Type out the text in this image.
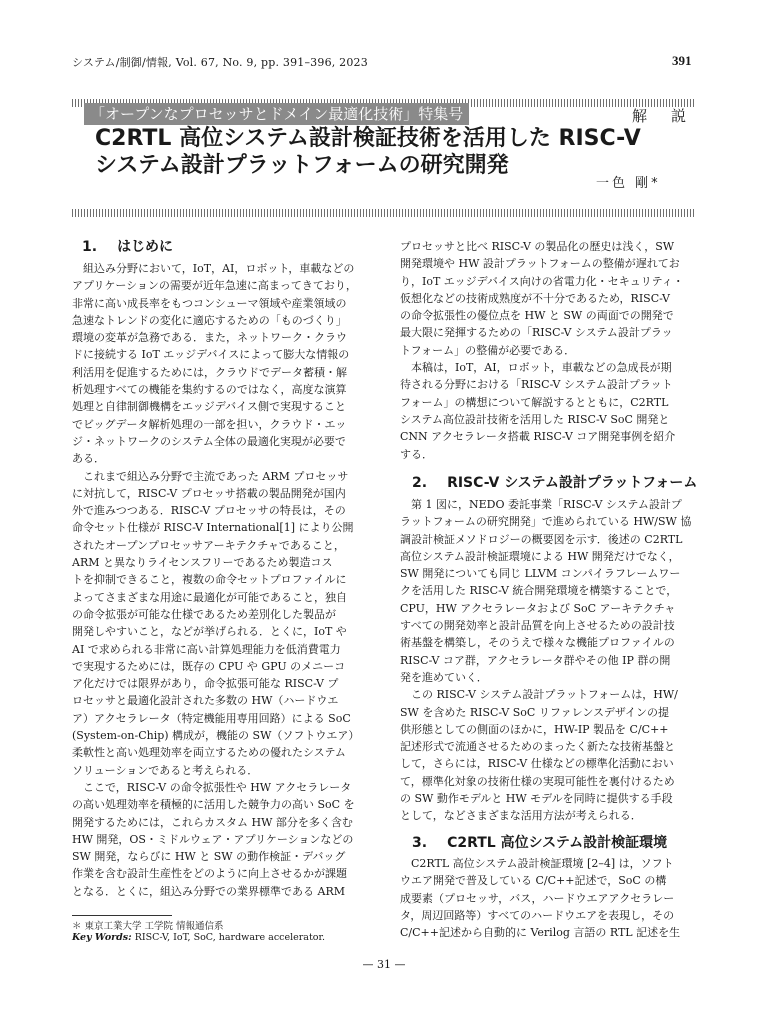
システム/制御/情報, Vol. 67, No. 9, pp. 391–396, 2023	391
「オープンなプロセッサとドメイン最適化技術」特集号	解説
C2RTL 高位システム設計検証技術を活用した RISC-V
システム設計プラットフォームの研究開発
一色 剛*
1. はじめに
組込み分野において，IoT，AI，ロボット，車載などの
アプリケーションの需要が近年急速に高まってきており，
非常に高い成長率をもつコンシューマ領域や産業領域の
急速なトレンドの変化に適応するための「ものづくり」
環境の変革が急務である．また，ネットワーク・クラウ
ドに接続する IoT エッジデバイスによって膨大な情報の
利活用を促進するためには，クラウドでデータ蓄積・解
析処理すべての機能を集約するのではなく，高度な演算
処理と自律制御機構をエッジデバイス側で実現すること
でビッグデータ解析処理の一部を担い，クラウド・エッ
ジ・ネットワークのシステム全体の最適化実現が必要で
ある．
これまで組込み分野で主流であった ARM プロセッサ
に対抗して，RISC-V プロセッサ搭載の製品開発が国内
外で進みつつある．RISC-V プロセッサの特長は，その
命令セット仕様が RISC-V International[1] により公開
されたオープンプロセッサアーキテクチャであること，
ARM と異なりライセンスフリーであるため製造コス
トを抑制できること，複数の命令セットプロファイルに
よってさまざまな用途に最適化が可能であること，独自
の命令拡張が可能な仕様であるため差別化した製品が
開発しやすいこと，などが挙げられる．とくに，IoT や
AI で求められる非常に高い計算処理能力を低消費電力
で実現するためには，既存の CPU や GPU のメニーコ
ア化だけでは限界があり，命令拡張可能な RISC-V プ
ロセッサと最適化設計された多数の HW（ハードウエ
ア）アクセラレータ（特定機能用専用回路）による SoC
(System-on-Chip) 構成が，機能の SW（ソフトウエア）
柔軟性と高い処理効率を両立するための優れたシステム
ソリューションであると考えられる．
ここで，RISC-V の命令拡張性や HW アクセラレータ
の高い処理効率を積極的に活用した競争力の高い SoC を
開発するためには，これらカスタム HW 部分を多く含む
HW 開発，OS・ミドルウェア・アプリケーションなどの
SW 開発，ならびに HW と SW の動作検証・デバッグ
作業を含む設計生産性をどのように向上させるかが課題
となる．とくに，組込み分野での業界標準である ARM
プロセッサと比べ RISC-V の製品化の歴史は浅く，SW
開発環境や HW 設計プラットフォームの整備が遅れてお
り，IoT エッジデバイス向けの省電力化・セキュリティ・
仮想化などの技術成熟度が不十分であるため，RISC-V
の命令拡張性の優位点を HW と SW の両面での開発で
最大限に発揮するための「RISC-V システム設計プラッ
トフォーム」の整備が必要である．
本稿は，IoT，AI，ロボット，車載などの急成長が期
待される分野における「RISC-V システム設計プラット
フォーム」の構想について解説するとともに，C2RTL
システム高位設計技術を活用した RISC-V SoC 開発と
CNN アクセラレータ搭載 RISC-V コア開発事例を紹介
する．
2. RISC-V システム設計プラットフォーム
第 1 図に，NEDO 委託事業「RISC-V システム設計プ
ラットフォームの研究開発」で進められている HW/SW 協
調設計検証メソドロジーの概要図を示す．後述の C2RTL
高位システム設計検証環境による HW 開発だけでなく，
SW 開発についても同じ LLVM コンパイラフレームワー
クを活用した RISC-V 統合開発環境を構築することで，
CPU，HW アクセラレータおよび SoC アーキテクチャ
すべての開発効率と設計品質を向上させるための設計技
術基盤を構築し，そのうえで様々な機能プロファイルの
RISC-V コア群，アクセラレータ群やその他 IP 群の開
発を進めていく．
この RISC-V システム設計プラットフォームは，HW/
SW を含めた RISC-V SoC リファレンスデザインの提
供形態としての側面のほかに，HW-IP 製品を C/C++
記述形式で流通させるためのまったく新たな技術基盤と
して，さらには，RISC-V 仕様などの標準化活動におい
て，標準化対象の技術仕様の実現可能性を裏付けるため
の SW 動作モデルと HW モデルを同時に提供する手段
として，などさまざまな活用方法が考えられる．
3. C2RTL 高位システム設計検証環境
C2RTL 高位システム設計検証環境 [2–4] は，ソフト
ウエア開発で普及している C/C++記述で，SoC の構
成要素（プロセッサ，バス，ハードウエアアクセラレー
タ，周辺回路等）すべてのハードウエアを表現し，その
C/C++記述から自動的に Verilog 言語の RTL 記述を生
＊ 東京工業大学 工学院 情報通信系
Key Words: RISC-V, IoT, SoC, hardware accelerator.
— 31 —
